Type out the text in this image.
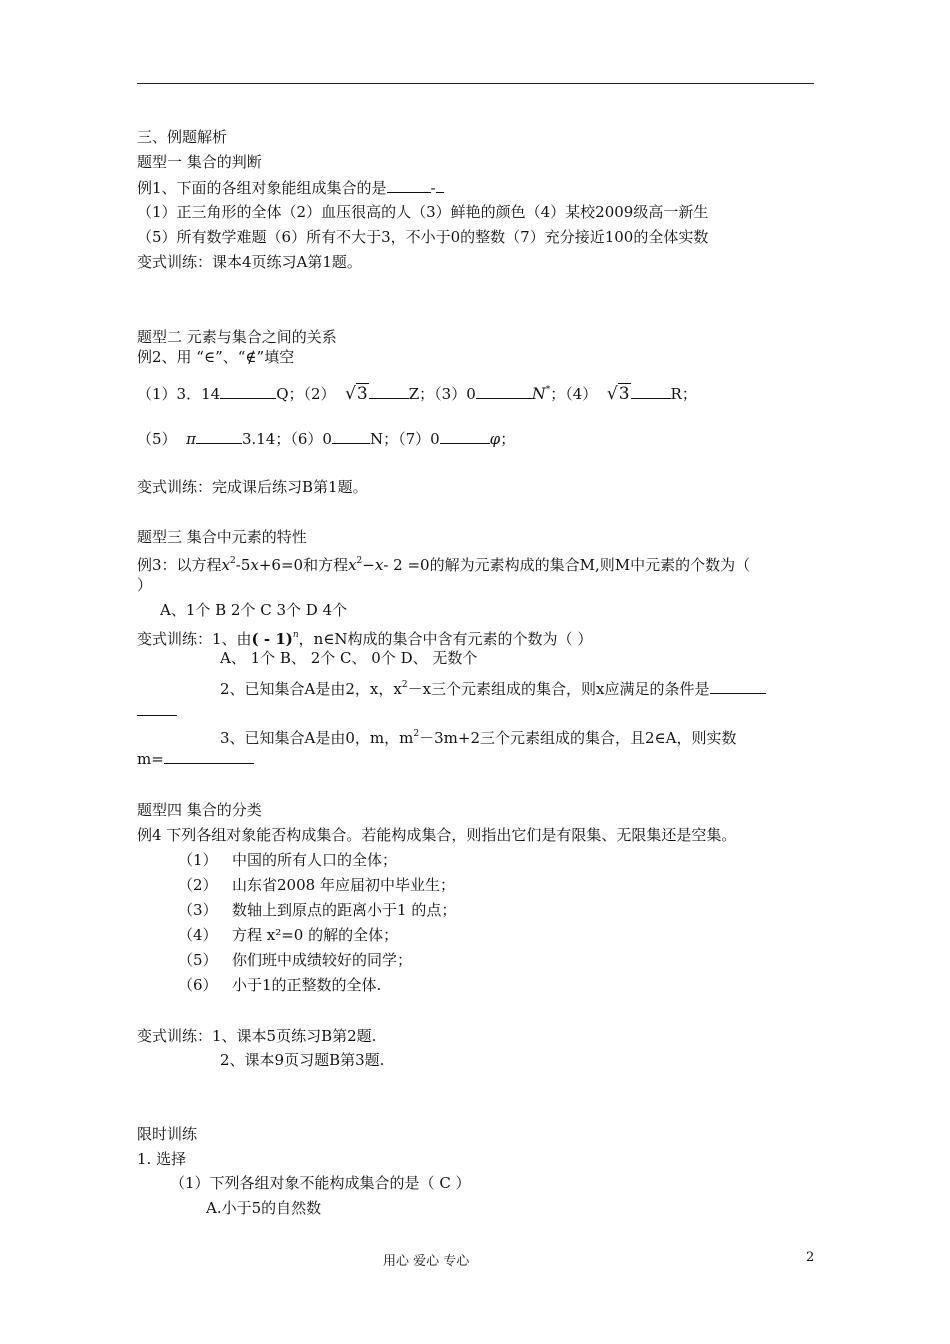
三、例题解析
题型一 集合的判断
例1、下面的各组对象能组成集合的是	-
（1）正三角形的全体（2）血压很高的人（3）鲜艳的颜色（4）某校2009级高一新生
（5）所有数学难题（6）所有不大于3，不小于0的整数（7）充分接近100的全体实数
变式训练：课本4页练习A第1题。
题型二 元素与集合之间的关系
例2、用 “∈”、“∉”填空
（1）3．14	Q；（2） √3	Z；（3）0	N*；（4） √3	R；
（5） π	3.14；（6）0	N；（7）0	φ；
变式训练：完成课后练习B第1题。
题型三 集合中元素的特性
例3：以方程$x^2-5x+6=0$和方程$x^2-x-$ 2 =0的解为元素构成的集合M,则M中元素的个数为（
）
A、1个 B 2个 C 3个 D 4个
变式训练：1、由( - 1)$^n$，n∈N构成的集合中含有元素的个数为（ ）
A、 1个 B、 2个 C、 0个 D、 无数个
2、已知集合A是由2，x，$x^2-x$三个元素组成的集合，则x应满足的条件是
3、已知集合A是由0，m，$m^2-3m+2$三个元素组成的集合，且2∈A，则实数
m=
题型四 集合的分类
例4 下列各组对象能否构成集合。若能构成集合，则指出它们是有限集、无限集还是空集。
（1） 中国的所有人口的全体；
（2） 山东省2008 年应届初中毕业生；
（3） 数轴上到原点的距离小于1 的点；
（4） 方程 x²=0 的解的全体；
（5） 你们班中成绩较好的同学；
（6） 小于1的正整数的全体.
变式训练：1、课本5页练习B第2题.
2、课本9页习题B第3题.
限时训练
1. 选择
（1）下列各组对象不能构成集合的是（ C ）
A.小于5的自然数
用心 爱心 专心	2
